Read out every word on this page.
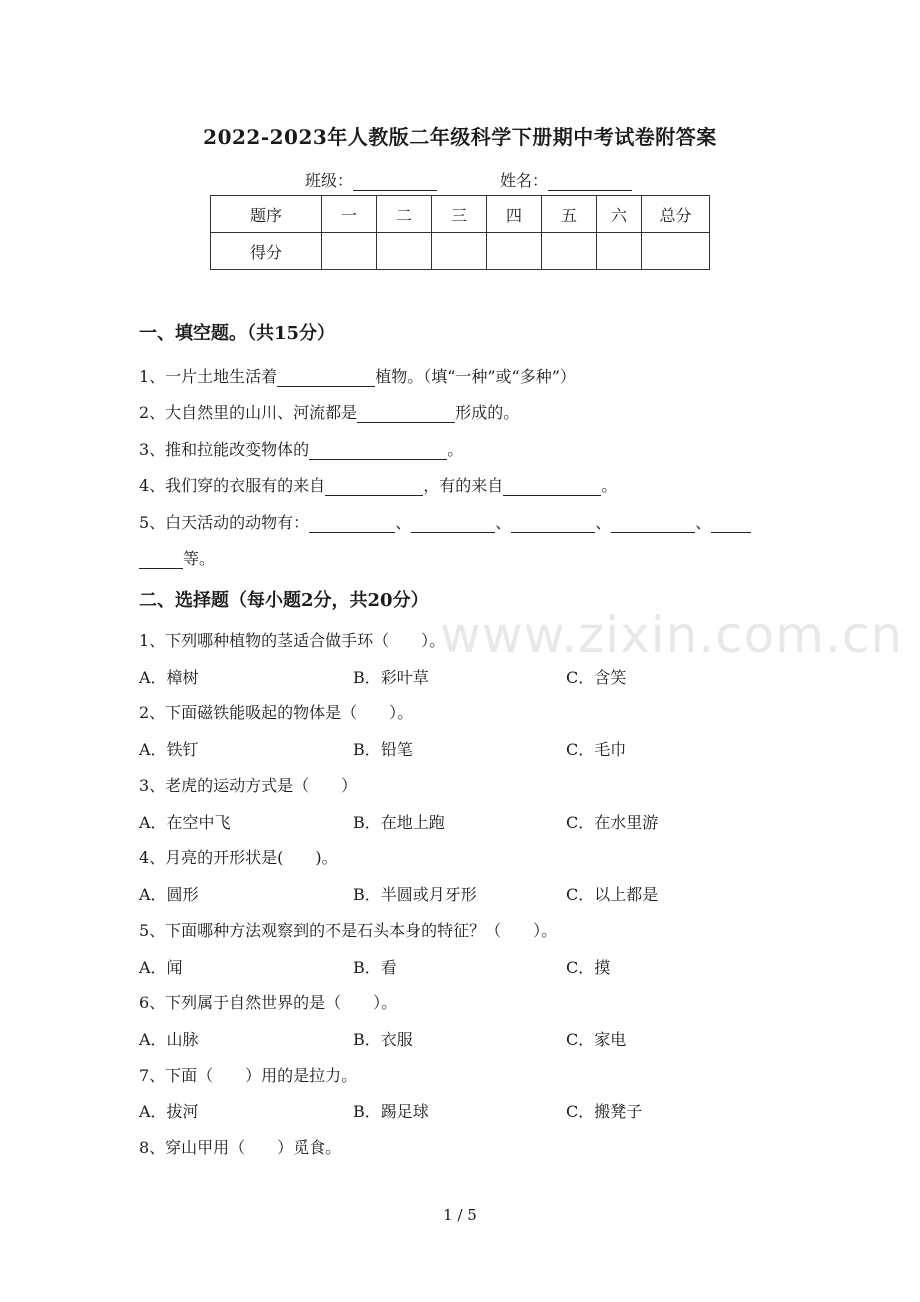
2022-2023年人教版二年级科学下册期中考试卷附答案
班级：	姓名：
题序	一	二	三	四	五	六	总分
得分							
一、填空题。（共15分）
1、一片土地生活着	植物。（填“一种”或“多种”）
2、大自然里的山川、河流都是	形成的。
3、推和拉能改变物体的	。
4、我们穿的衣服有的来自	，有的来自	。
5、白天活动的动物有：	、	、	、	、
等。
二、选择题（每小题2分，共20分）
www.zixin.com.cn
1、下列哪种植物的茎适合做手环（　　）。
A．樟树	B．彩叶草	C．含笑
2、下面磁铁能吸起的物体是（　　）。
A．铁钉	B．铅笔	C．毛巾
3、老虎的运动方式是（　　）
A．在空中飞	B．在地上跑	C．在水里游
4、月亮的开形状是(　　)。
A．圆形	B．半圆或月牙形	C．以上都是
5、下面哪种方法观察到的不是石头本身的特征？（　　）。
A．闻	B．看	C．摸
6、下列属于自然世界的是（　　）。
A．山脉	B．衣服	C．家电
7、下面（　　）用的是拉力。
A．拔河	B．踢足球	C．搬凳子
8、穿山甲用（　　）觅食。
1 / 5
